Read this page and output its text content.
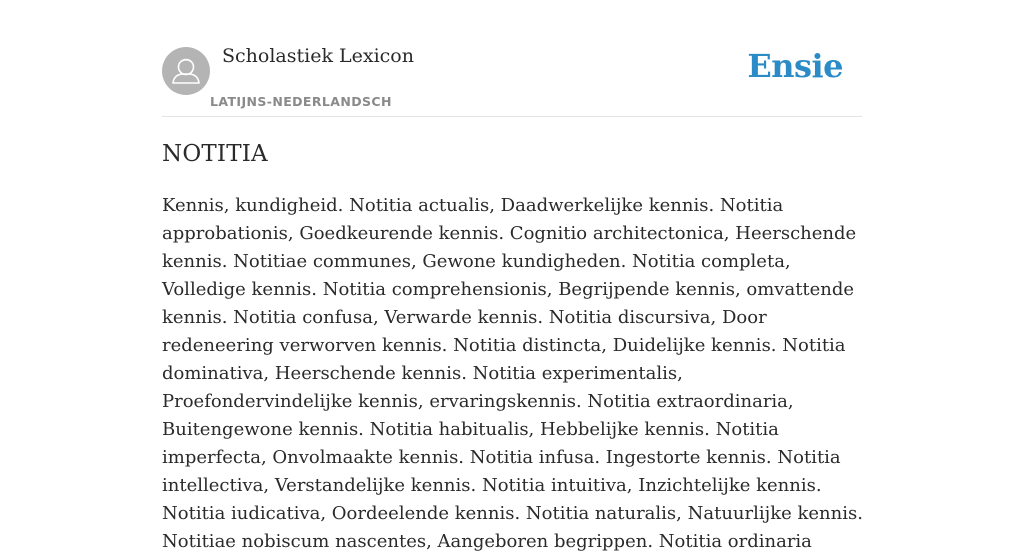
Scholastiek Lexicon
LATIJNS-NEDERLANDSCH
Ensie
NOTITIA

Kennis, kundigheid. Notitia actualis, Daadwerkelijke kennis. Notitia approbationis, Goedkeurende kennis. Cognitio architectonica, Heerschende kennis. Notitiae communes, Gewone kundigheden. Notitia completa, Volledige kennis. Notitia comprehensionis, Begrijpende kennis, omvattende kennis. Notitia confusa, Verwarde kennis. Notitia discursiva, Door redeneering verworven kennis. Notitia distincta, Duidelijke kennis. Notitia dominativa, Heerschende kennis. Notitia experimentalis, Proefondervindelijke kennis, ervaringskennis. Notitia extraordinaria, Buitengewone kennis. Notitia habitualis, Hebbelijke kennis. Notitia imperfecta, Onvolmaakte kennis. Notitia infusa. Ingestorte kennis. Notitia intellectiva, Verstandelijke kennis. Notitia intuitiva, Inzichtelijke kennis. Notitia iudicativa, Oordeelende kennis. Notitia naturalis, Natuurlijke kennis. Notitiae nobiscum nascentes, Aangeboren begrippen. Notitia ordinaria
